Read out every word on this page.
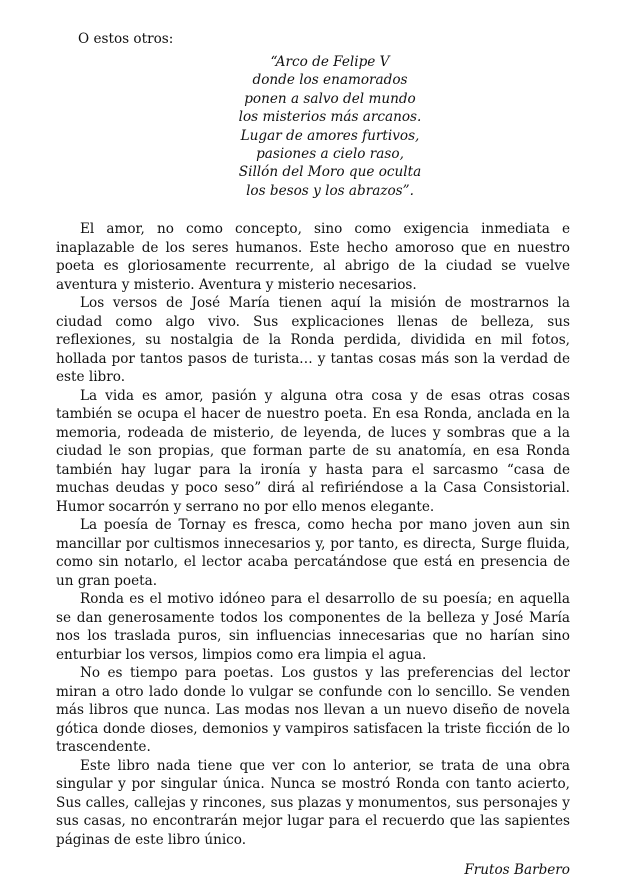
O estos otros:

“Arco de Felipe V
donde los enamorados
ponen a salvo del mundo
los misterios más arcanos.
Lugar de amores furtivos,
pasiones a cielo raso,
Sillón del Moro que oculta
los besos y los abrazos”.

El amor, no como concepto, sino como exigencia inmediata e inaplazable de los seres humanos. Este hecho amoroso que en nuestro poeta es gloriosamente recurrente, al abrigo de la ciudad se vuelve aventura y misterio. Aventura y misterio necesarios.

Los versos de José María tienen aquí la misión de mostrarnos la ciudad como algo vivo. Sus explicaciones llenas de belleza, sus reflexiones, su nostalgia de la Ronda perdida, dividida en mil fotos, hollada por tantos pasos de turista… y tantas cosas más son la verdad de este libro.

La vida es amor, pasión y alguna otra cosa y de esas otras cosas también se ocupa el hacer de nuestro poeta. En esa Ronda, anclada en la memoria, rodeada de misterio, de leyenda, de luces y sombras que a la ciudad le son propias, que forman parte de su anatomía, en esa Ronda también hay lugar para la ironía y hasta para el sarcasmo “casa de muchas deudas y poco seso” dirá al refiriéndose a la Casa Consistorial. Humor socarrón y serrano no por ello menos elegante.

La poesía de Tornay es fresca, como hecha por mano joven aun sin mancillar por cultismos innecesarios y, por tanto, es directa, Surge fluida, como sin notarlo, el lector acaba percatándose que está en presencia de un gran poeta.

Ronda es el motivo idóneo para el desarrollo de su poesía; en aquella se dan generosamente todos los componentes de la belleza y José María nos los traslada puros, sin influencias innecesarias que no harían sino enturbiar los versos, limpios como era limpia el agua.

No es tiempo para poetas. Los gustos y las preferencias del lector miran a otro lado donde lo vulgar se confunde con lo sencillo. Se venden más libros que nunca. Las modas nos llevan a un nuevo diseño de novela gótica donde dioses, demonios y vampiros satisfacen la triste ficción de lo trascendente.

Este libro nada tiene que ver con lo anterior, se trata de una obra singular y por singular única. Nunca se mostró Ronda con tanto acierto, Sus calles, callejas y rincones, sus plazas y monumentos, sus personajes y sus casas, no encontrarán mejor lugar para el recuerdo que las sapientes páginas de este libro único.

Frutos Barbero
